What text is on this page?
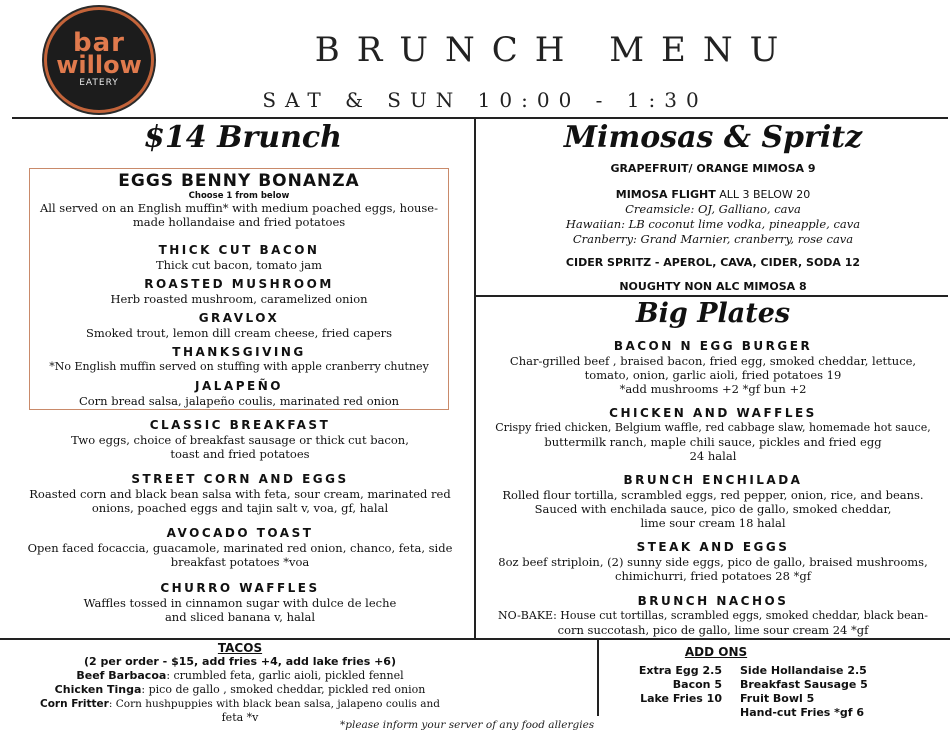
bar
willow
EATERY
BRUNCH MENU
SAT & SUN 10:00 - 1:30
$14 Brunch
EGGS BENNY BONANZA
Choose 1 from below
All served on an English muffin* with medium poached eggs, house-
made hollandaise and fried potatoes
THICK CUT BACON
Thick cut bacon, tomato jam
ROASTED MUSHROOM
Herb roasted mushroom, caramelized onion
GRAVLOX
Smoked trout, lemon dill cream cheese, fried capers
THANKSGIVING
*No English muffin served on stuffing with apple cranberry chutney
JALAPEÑO
Corn bread salsa, jalapeño coulis, marinated red onion
CLASSIC BREAKFAST
Two eggs, choice of breakfast sausage or thick cut bacon,
toast and fried potatoes
STREET CORN AND EGGS
Roasted corn and black bean salsa with feta, sour cream, marinated red
onions, poached eggs and tajin salt v, voa, gf, halal
AVOCADO TOAST
Open faced focaccia, guacamole, marinated red onion, chanco, feta, side
breakfast potatoes *voa
CHURRO WAFFLES
Waffles tossed in cinnamon sugar with dulce de leche
and sliced banana v, halal
Mimosas & Spritz
GRAPEFRUIT/ ORANGE MIMOSA 9
MIMOSA FLIGHT ALL 3 BELOW 20
Creamsicle: OJ, Galliano, cava
Hawaiian: LB coconut lime vodka, pineapple, cava
Cranberry: Grand Marnier, cranberry, rose cava
CIDER SPRITZ - APEROL, CAVA, CIDER, SODA 12
NOUGHTY NON ALC MIMOSA 8
Big Plates
BACON N EGG BURGER
Char-grilled beef , braised bacon, fried egg, smoked cheddar, lettuce,
tomato, onion, garlic aioli, fried potatoes 19
*add mushrooms +2 *gf bun +2
CHICKEN AND WAFFLES
Crispy fried chicken, Belgium waffle, red cabbage slaw, homemade hot sauce,
buttermilk ranch, maple chili sauce, pickles and fried egg
24 halal
BRUNCH ENCHILADA
Rolled flour tortilla, scrambled eggs, red pepper, onion, rice, and beans.
Sauced with enchilada sauce, pico de gallo, smoked cheddar,
lime sour cream 18 halal
STEAK AND EGGS
8oz beef striploin, (2) sunny side eggs, pico de gallo, braised mushrooms,
chimichurri, fried potatoes 28 *gf
BRUNCH NACHOS
NO-BAKE: House cut tortillas, scrambled eggs, smoked cheddar, black bean-
corn succotash, pico de gallo, lime sour cream 24 *gf
TACOS
(2 per order - $15, add fries +4, add lake fries +6)
Beef Barbacoa: crumbled feta, garlic aioli, pickled fennel
Chicken Tinga: pico de gallo , smoked cheddar, pickled red onion
Corn Fritter: Corn hushpuppies with black bean salsa, jalapeno coulis and
feta *v
ADD ONS
Extra Egg 2.5
Bacon 5
Lake Fries 10
Side Hollandaise 2.5
Breakfast Sausage 5
Fruit Bowl 5
Hand-cut Fries *gf 6
*please inform your server of any food allergies
